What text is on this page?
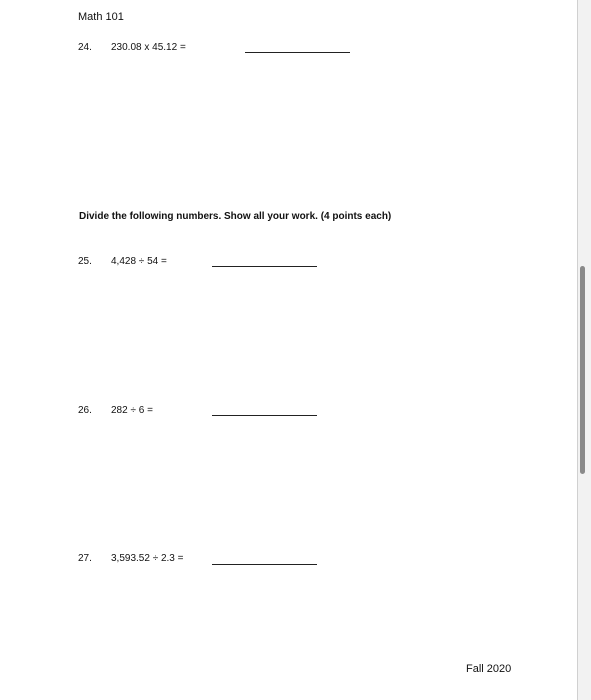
Math 101
24. 230.08 x 45.12 =
Divide the following numbers. Show all your work. (4 points each)
25. 4,428 ÷ 54 =
26. 282 ÷ 6 =
27. 3,593.52 ÷ 2.3 =
Fall 2020
